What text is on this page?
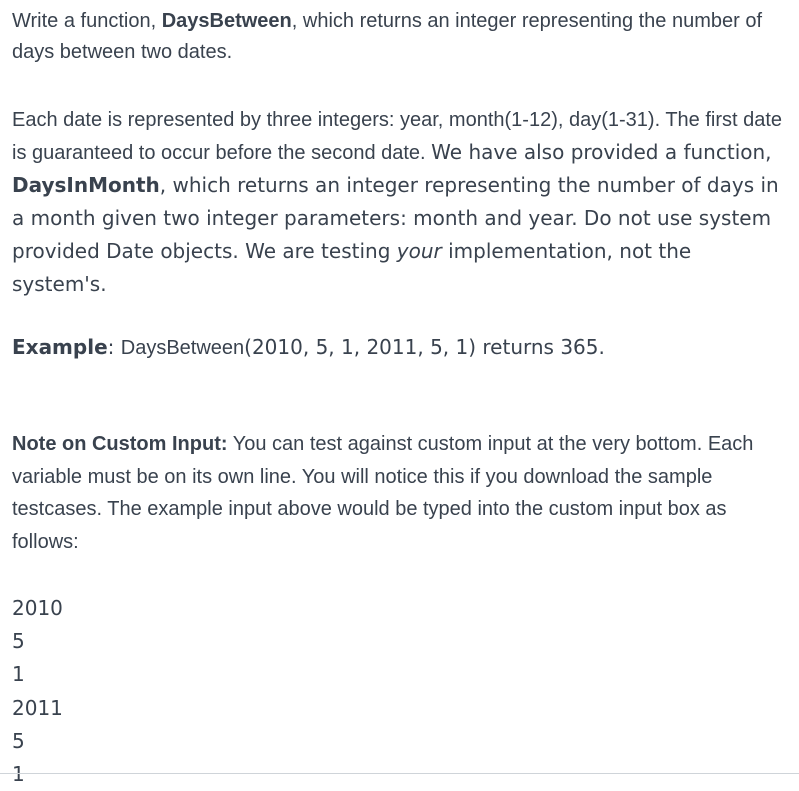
Write a function, DaysBetween, which returns an integer representing the number of days between two dates.

Each date is represented by three integers: year, month(1-12), day(1-31). The first date is guaranteed to occur before the second date. We have also provided a function, DaysInMonth, which returns an integer representing the number of days in a month given two integer parameters: month and year. Do not use system provided Date objects. We are testing your implementation, not the system's.

Example: DaysBetween(2010, 5, 1, 2011, 5, 1) returns 365.

Note on Custom Input: You can test against custom input at the very bottom. Each variable must be on its own line. You will notice this if you download the sample testcases. The example input above would be typed into the custom input box as follows:

2010
5
1
2011
5
